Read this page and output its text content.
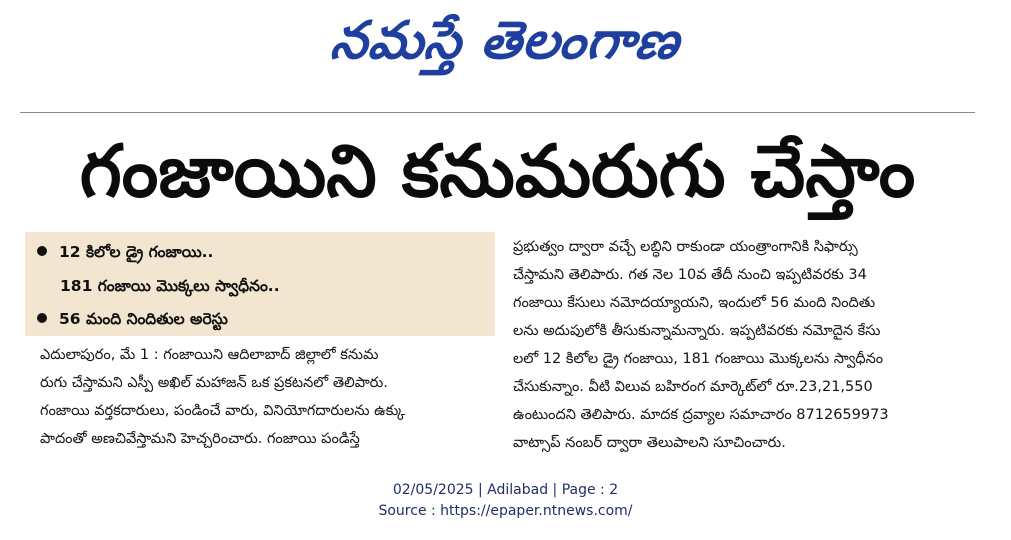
నమస్తే తెలంగాణ
గంజాయిని కనుమరుగు చేస్తాం
12 కిలోల డ్రై గంజాయి..
181 గంజాయి మొక్కలు స్వాధీనం..
56 మంది నిందితుల అరెస్టు
ఎదులాపురం, మే 1 : గంజాయిని ఆదిలాబాద్ జిల్లాలో కనుమ
రుగు చేస్తామని ఎస్పీ అఖిల్ మహాజన్ ఒక ప్రకటనలో తెలిపారు.
గంజాయి వర్తకదారులు, పండించే వారు, వినియోగదారులను ఉక్కు
పాదంతో అణచివేస్తామని హెచ్చరించారు. గంజాయి పండిస్తే
ప్రభుత్వం ద్వారా వచ్చే లబ్ధిని రాకుండా యంత్రాంగానికి సిఫార్సు
చేస్తామని తెలిపారు. గత నెల 10వ తేదీ నుంచి ఇప్పటివరకు 34
గంజాయి కేసులు నమోదయ్యాయని, ఇందులో 56 మంది నిందితు
లను అదుపులోకి తీసుకున్నామన్నారు. ఇప్పటివరకు నమోదైన కేసు
లలో 12 కిలోల డ్రై గంజాయి, 181 గంజాయి మొక్కలను స్వాధీనం
చేసుకున్నాం. వీటి విలువ బహిరంగ మార్కెట్‌లో రూ.23,21,550
ఉంటుందని తెలిపారు. మాదక ద్రవ్యాల సమాచారం 8712659973
వాట్సాప్ నంబర్ ద్వారా తెలుపాలని సూచించారు.
02/05/2025 | Adilabad | Page : 2
Source : https://epaper.ntnews.com/
